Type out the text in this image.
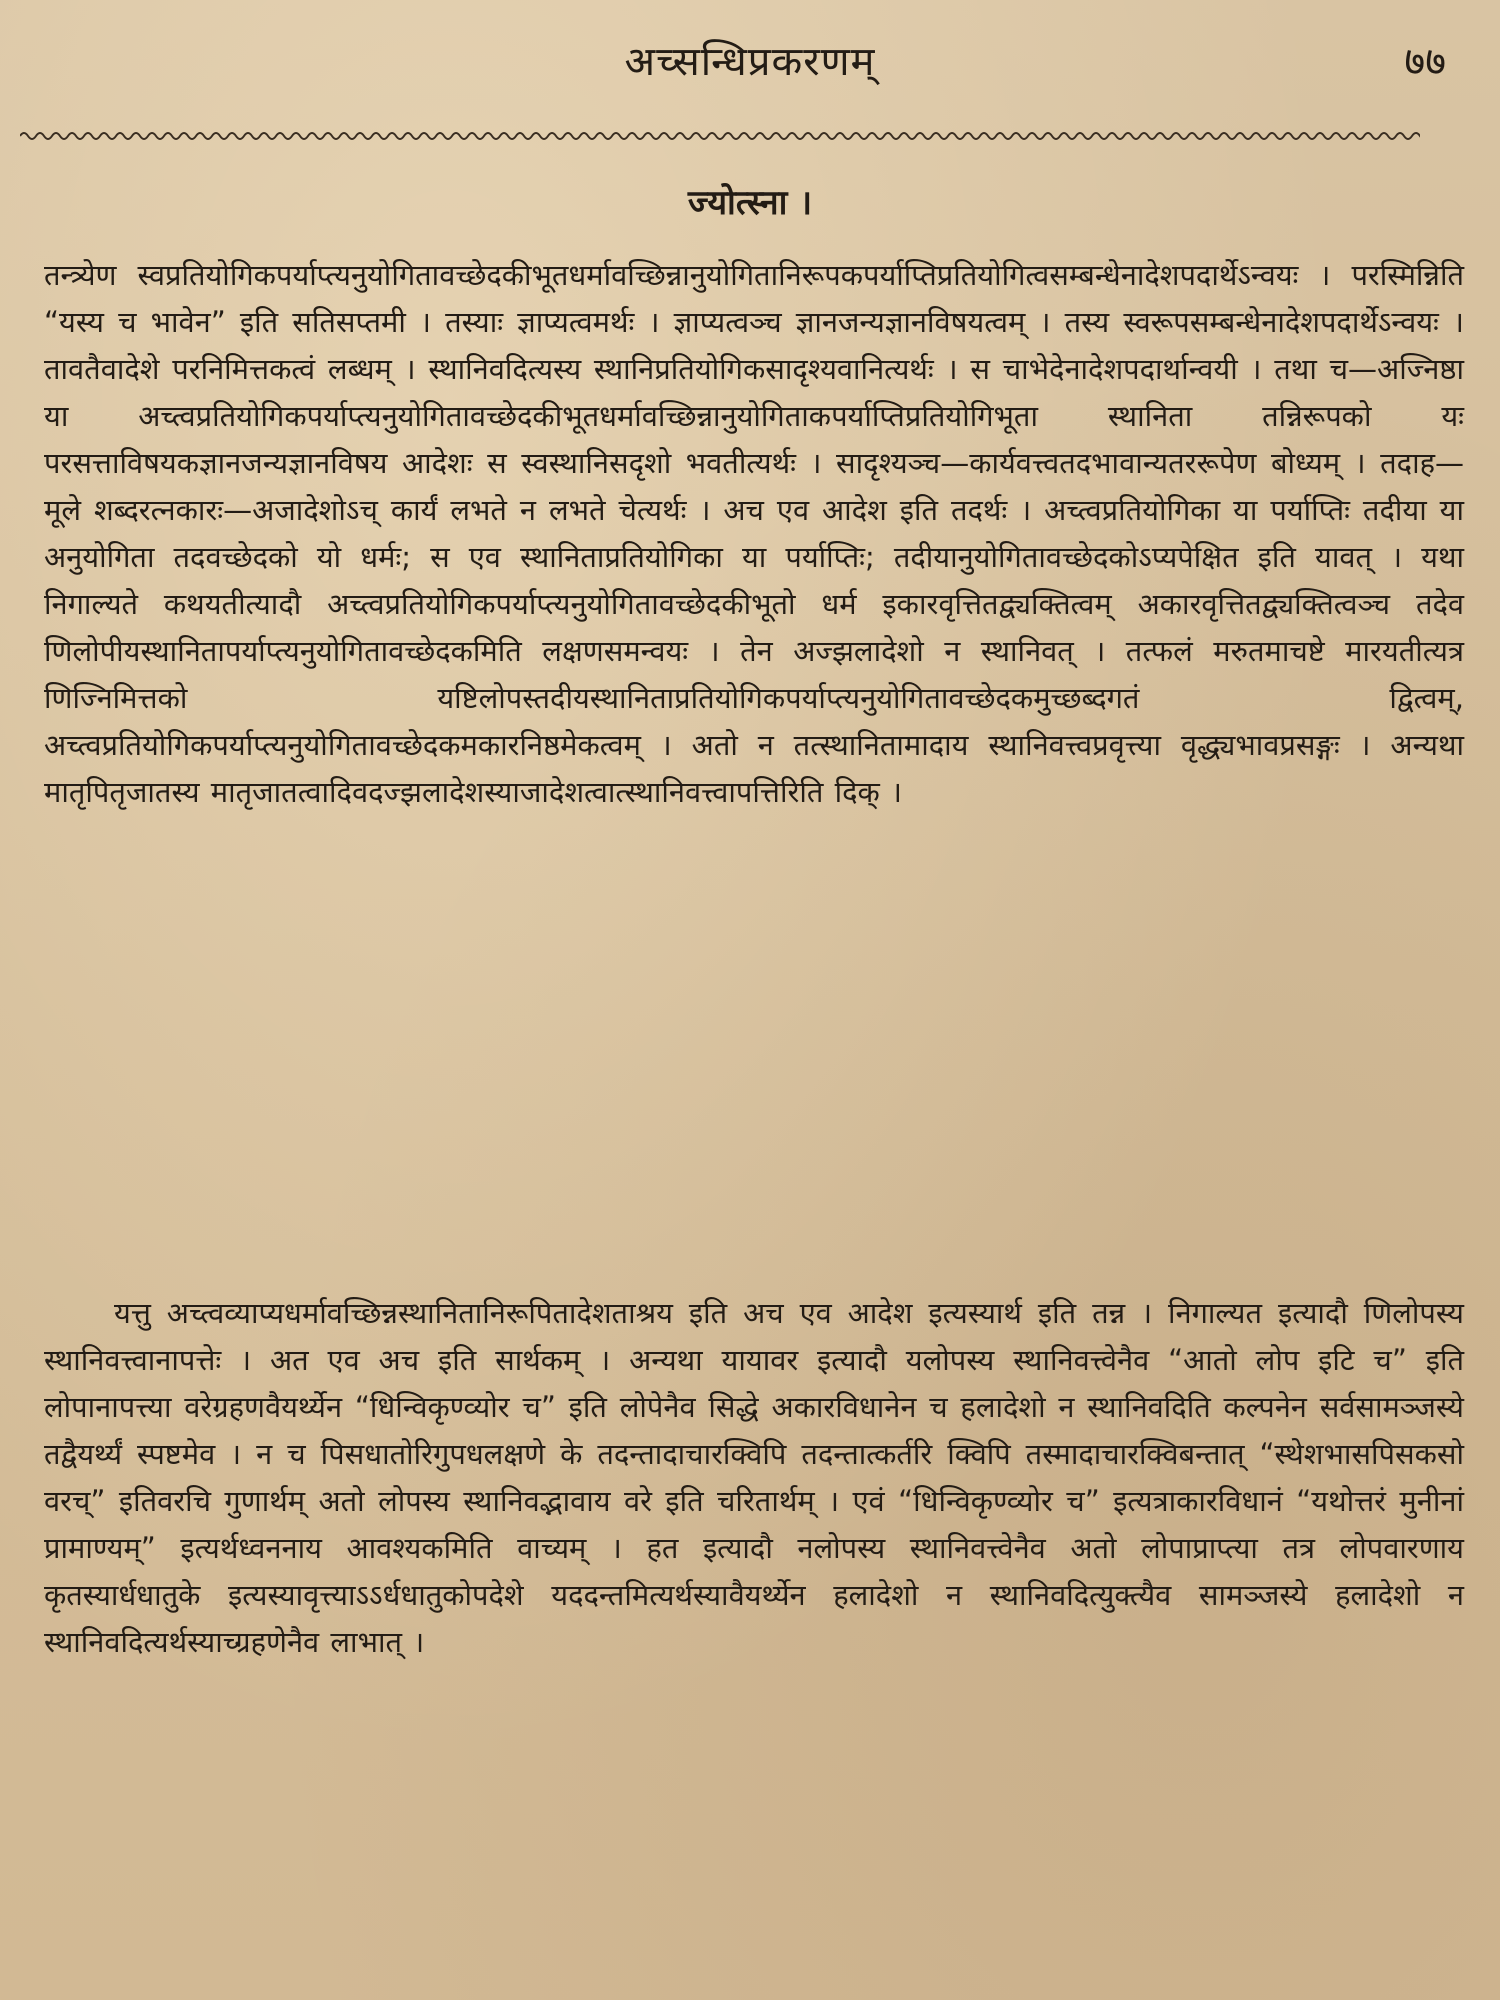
अच्सन्धिप्रकरणम्	७७
ज्योत्स्ना ।

तन्त्र्येण स्वप्रतियोगिकपर्याप्त्यनुयोगितावच्छेदकीभूतधर्मावच्छिन्नानुयोगितानिरूपकपर्याप्तिप्रतियोगित्वसम्बन्धेनादेशपदार्थेऽन्वयः । परस्मिन्निति “यस्य च भावेन” इति सतिसप्तमी । तस्याः ज्ञाप्यत्वमर्थः । ज्ञाप्यत्वञ्च ज्ञानजन्यज्ञानविषयत्वम् । तस्य स्वरूपसम्बन्धेनादेशपदार्थेऽन्वयः । तावतैवादेशे परनिमित्तकत्वं लब्धम् । स्थानिवदित्यस्य स्थानिप्रतियोगिकसादृश्यवानित्यर्थः । स चाभेदेनादेशपदार्थान्वयी । तथा च—अज्निष्ठा या अच्त्वप्रतियोगिकपर्याप्त्यनुयोगितावच्छेदकीभूतधर्मावच्छिन्नानुयोगिताकपर्याप्तिप्रतियोगिभूता स्थानिता तन्निरूपको यः परसत्ताविषयकज्ञानजन्यज्ञानविषय आदेशः स स्वस्थानिसदृशो भवतीत्यर्थः । सादृश्यञ्च—कार्यवत्त्वतदभावान्यतररूपेण बोध्यम् । तदाह—मूले शब्दरत्नकारः—अजादेशोऽच् कार्यं लभते न लभते चेत्यर्थः । अच एव आदेश इति तदर्थः । अच्त्वप्रतियोगिका या पर्याप्तिः तदीया या अनुयोगिता तदवच्छेदको यो धर्मः; स एव स्थानिताप्रतियोगिका या पर्याप्तिः; तदीयानुयोगितावच्छेदकोऽप्यपेक्षित इति यावत् । यथा निगाल्यते कथयतीत्यादौ अच्त्वप्रतियोगिकपर्याप्त्यनुयोगितावच्छेदकीभूतो धर्म इकारवृत्तितद्व्यक्तित्वम् अकारवृत्तितद्व्यक्तित्वञ्च तदेव णिलोपीयस्थानितापर्याप्त्यनुयोगितावच्छेदकमिति लक्षणसमन्वयः । तेन अज्झलादेशो न स्थानिवत् । तत्फलं मरुतमाचष्टे मारयतीत्यत्र णिज्निमित्तको यष्टिलोपस्तदीयस्थानिताप्रतियोगिकपर्याप्त्यनुयोगितावच्छेदकमुच्छब्दगतं द्वित्वम्, अच्त्वप्रतियोगिकपर्याप्त्यनुयोगितावच्छेदकमकारनिष्ठमेकत्वम् । अतो न तत्स्थानितामादाय स्थानिवत्त्वप्रवृत्त्या वृद्ध्यभावप्रसङ्गः । अन्यथा मातृपितृजातस्य मातृजातत्वादिवदज्झलादेशस्याजादेशत्वात्स्थानिवत्त्वापत्तिरिति दिक् ।

यत्तु अच्त्वव्याप्यधर्मावच्छिन्नस्थानितानिरूपितादेशताश्रय इति अच एव आदेश इत्यस्यार्थ इति तन्न । निगाल्यत इत्यादौ णिलोपस्य स्थानिवत्त्वानापत्तेः । अत एव अच इति सार्थकम् । अन्यथा यायावर इत्यादौ यलोपस्य स्थानिवत्त्वेनैव “आतो लोप इटि च” इति लोपानापत्त्या वरेग्रहणवैयर्थ्येन “धिन्विकृण्व्योर च” इति लोपेनैव सिद्धे अकारविधानेन च हलादेशो न स्थानिवदिति कल्पनेन सर्वसामञ्जस्ये तद्वैयर्थ्यं स्पष्टमेव । न च पिसधातोरिगुपधलक्षणे के तदन्तादाचारक्विपि तदन्तात्कर्तरि क्विपि तस्मादाचारक्विबन्तात् “स्थेशभासपिसकसो वरच्” इतिवरचि गुणार्थम् अतो लोपस्य स्थानिवद्भावाय वरे इति चरितार्थम् । एवं “धिन्विकृण्व्योर च” इत्यत्राकारविधानं “यथोत्तरं मुनीनां प्रामाण्यम्” इत्यर्थध्वननाय आवश्यकमिति वाच्यम् । हत इत्यादौ नलोपस्य स्थानिवत्त्वेनैव अतो लोपाप्राप्त्या तत्र लोपवारणाय कृतस्यार्धधातुके इत्यस्यावृत्त्याऽऽर्धधातुकोपदेशे यददन्तमित्यर्थस्यावैयर्थ्येन हलादेशो न स्थानिवदित्युक्त्यैव सामञ्जस्ये हलादेशो न स्थानिवदित्यर्थस्याच्ग्रहणेनैव लाभात् ।
